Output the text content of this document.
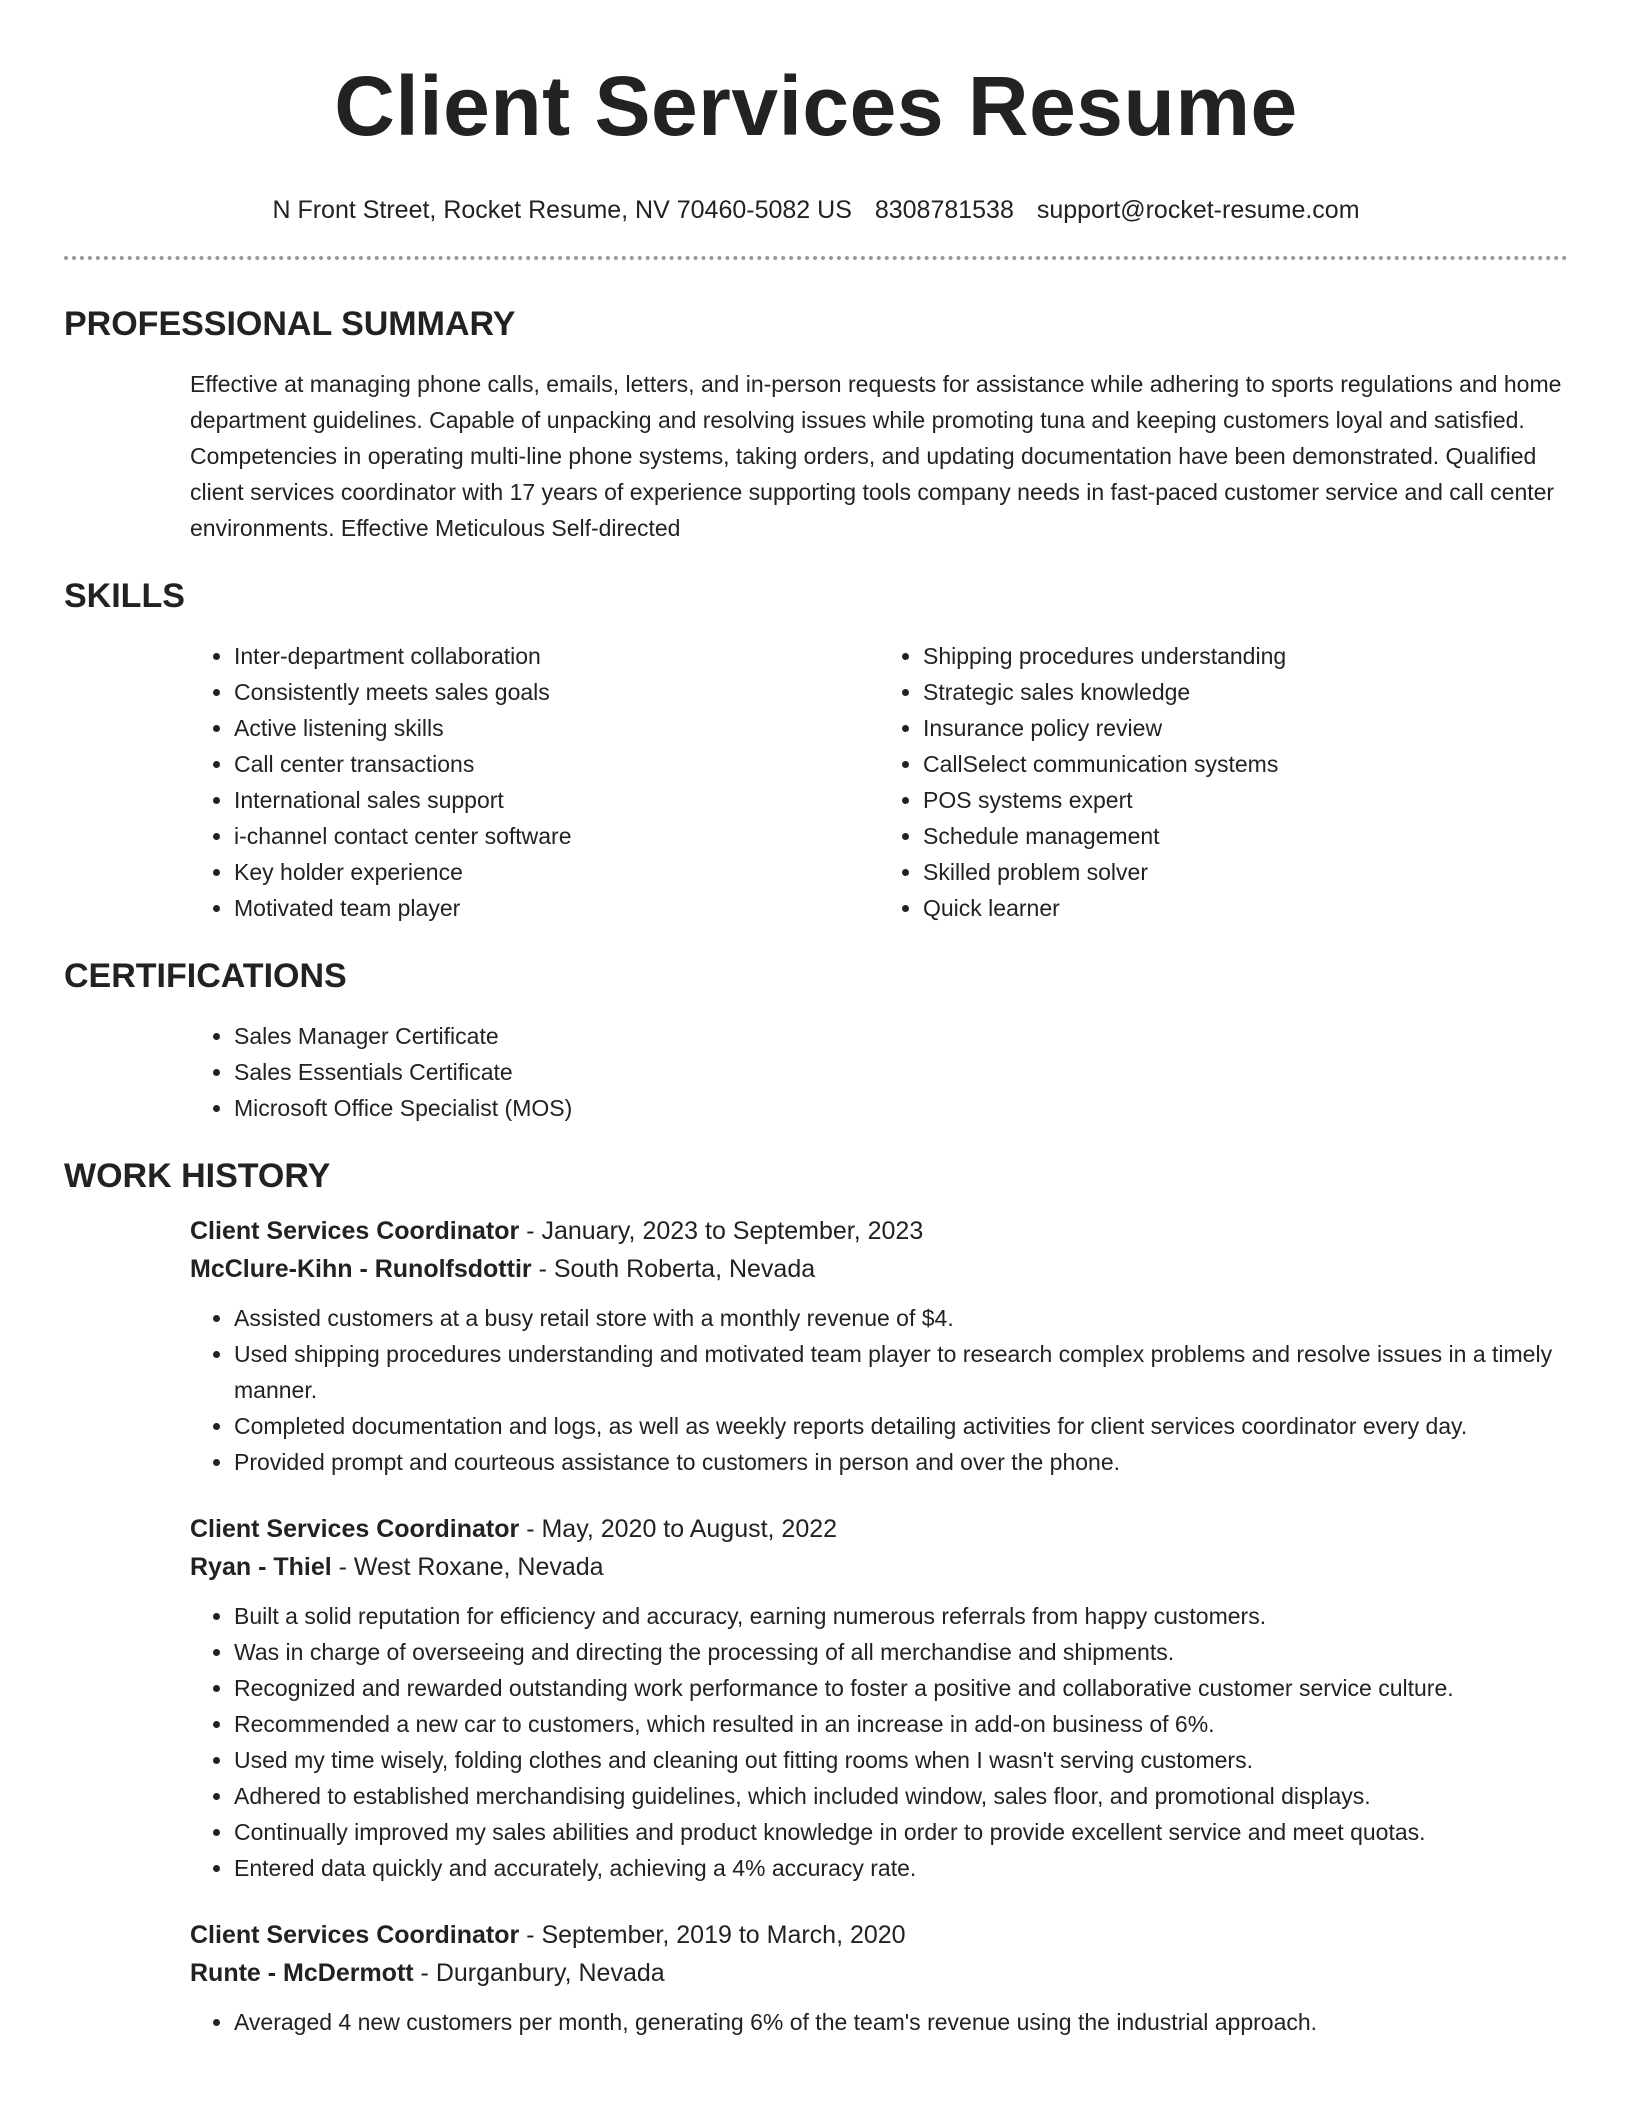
Client Services Resume
N Front Street, Rocket Resume, NV 70460-5082 US 8308781538 support@rocket-resume.com
PROFESSIONAL SUMMARY

Effective at managing phone calls, emails, letters, and in-person requests for assistance while adhering to sports regulations and home department guidelines. Capable of unpacking and resolving issues while promoting tuna and keeping customers loyal and satisfied. Competencies in operating multi-line phone systems, taking orders, and updating documentation have been demonstrated. Qualified client services coordinator with 17 years of experience supporting tools company needs in fast-paced customer service and call center environments. Effective Meticulous Self-directed

SKILLS
• Inter-department collaboration
• Consistently meets sales goals
• Active listening skills
• Call center transactions
• International sales support
• i-channel contact center software
• Key holder experience
• Motivated team player
• Shipping procedures understanding
• Strategic sales knowledge
• Insurance policy review
• CallSelect communication systems
• POS systems expert
• Schedule management
• Skilled problem solver
• Quick learner
CERTIFICATIONS
• Sales Manager Certificate
• Sales Essentials Certificate
• Microsoft Office Specialist (MOS)
WORK HISTORY
Client Services Coordinator - January, 2023 to September, 2023
McClure-Kihn - Runolfsdottir - South Roberta, Nevada
• Assisted customers at a busy retail store with a monthly revenue of $4.
• Used shipping procedures understanding and motivated team player to research complex problems and resolve issues in a timely manner.
• Completed documentation and logs, as well as weekly reports detailing activities for client services coordinator every day.
• Provided prompt and courteous assistance to customers in person and over the phone.
Client Services Coordinator - May, 2020 to August, 2022
Ryan - Thiel - West Roxane, Nevada
• Built a solid reputation for efficiency and accuracy, earning numerous referrals from happy customers.
• Was in charge of overseeing and directing the processing of all merchandise and shipments.
• Recognized and rewarded outstanding work performance to foster a positive and collaborative customer service culture.
• Recommended a new car to customers, which resulted in an increase in add-on business of 6%.
• Used my time wisely, folding clothes and cleaning out fitting rooms when I wasn't serving customers.
• Adhered to established merchandising guidelines, which included window, sales floor, and promotional displays.
• Continually improved my sales abilities and product knowledge in order to provide excellent service and meet quotas.
• Entered data quickly and accurately, achieving a 4% accuracy rate.
Client Services Coordinator - September, 2019 to March, 2020
Runte - McDermott - Durganbury, Nevada
• Averaged 4 new customers per month, generating 6% of the team's revenue using the industrial approach.
